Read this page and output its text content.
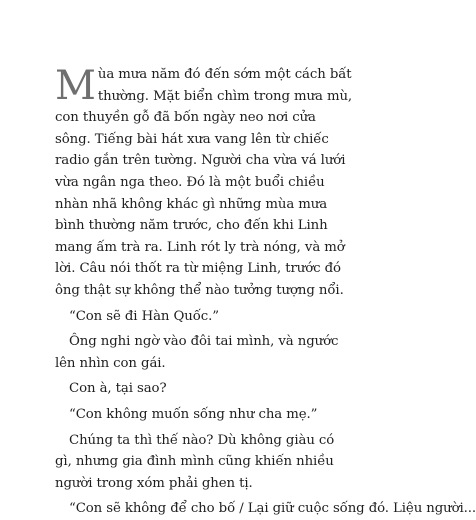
Mùa mưa năm đó đến sớm một cách bất thường. Mặt biển chìm trong mưa mù, con thuyền gỗ đã bốn ngày neo nơi cửa sông. Tiếng bài hát xưa vang lên từ chiếc radio gắn trên tường. Người cha vừa vá lưới vừa ngân nga theo. Đó là một buổi chiều nhàn nhã không khác gì những mùa mưa bình thường năm trước, cho đến khi Linh mang ấm trà ra. Linh rót ly trà nóng, và mở lời. Câu nói thốt ra từ miệng Linh, trước đó ông thật sự không thể nào tưởng tượng nổi.

“Con sẽ đi Hàn Quốc.”

Ông nghi ngờ vào đôi tai mình, và ngước lên nhìn con gái.

Con à, tại sao?

“Con không muốn sống như cha mẹ.”

Chúng ta thì thế nào? Dù không giàu có gì, nhưng gia đình mình cũng khiến nhiều người trong xóm phải ghen tị.

“Con sẽ không để cho bố / Lại giữ cuộc sống đó. Liệu người...
